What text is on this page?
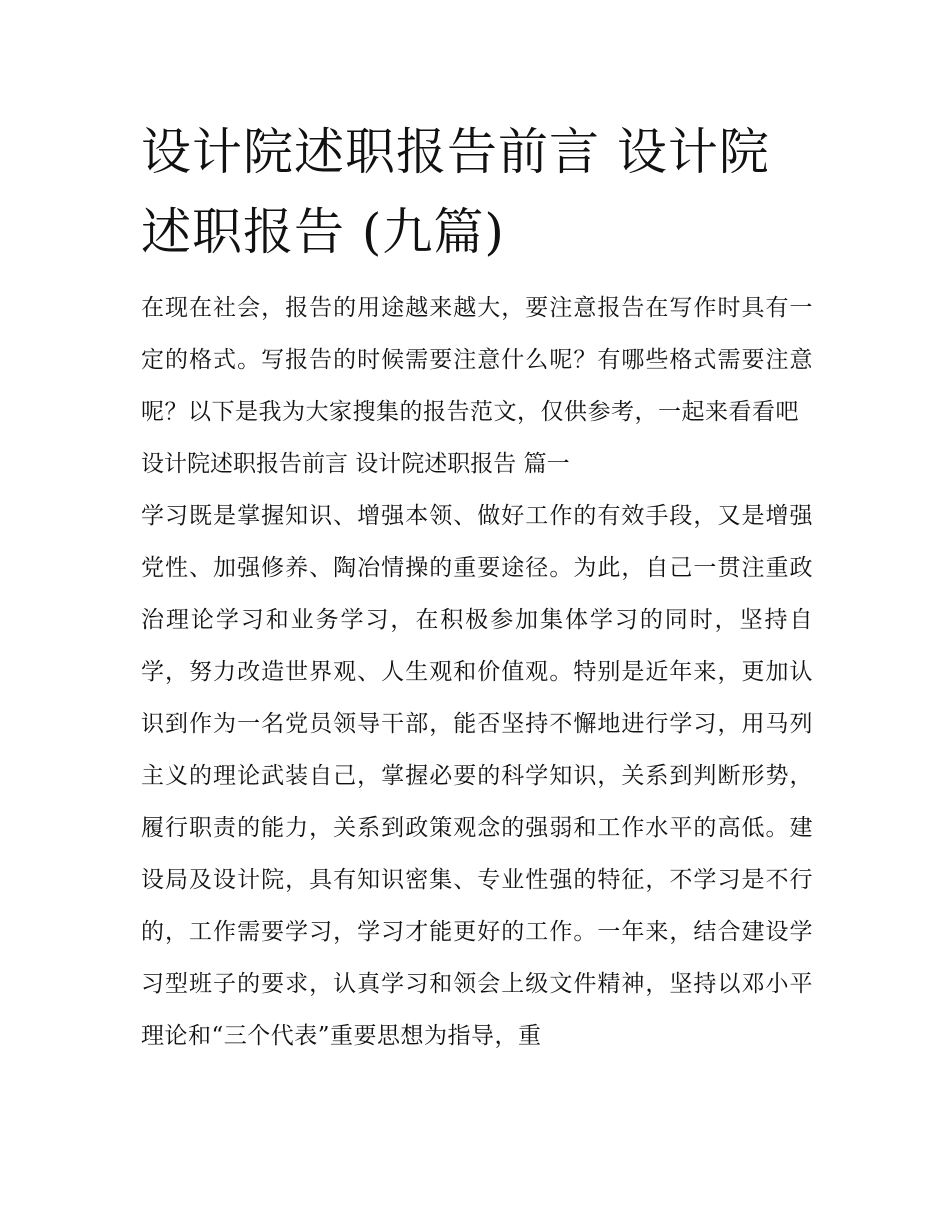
设计院述职报告前言 设计院述职报告 (九篇)

在现在社会，报告的用途越来越大，要注意报告在写作时具有一定的格式。写报告的时候需要注意什么呢？有哪些格式需要注意呢？以下是我为大家搜集的报告范文，仅供参考，一起来看看吧

设计院述职报告前言 设计院述职报告 篇一

学习既是掌握知识、增强本领、做好工作的有效手段，又是增强党性、加强修养、陶冶情操的重要途径。为此，自己一贯注重政治理论学习和业务学习，在积极参加集体学习的同时，坚持自学，努力改造世界观、人生观和价值观。特别是近年来，更加认识到作为一名党员领导干部，能否坚持不懈地进行学习，用马列主义的理论武装自己，掌握必要的科学知识，关系到判断形势，履行职责的能力，关系到政策观念的强弱和工作水平的高低。建设局及设计院，具有知识密集、专业性强的特征，不学习是不行的，工作需要学习，学习才能更好的工作。一年来，结合建设学习型班子的要求，认真学习和领会上级文件精神，坚持以邓小平理论和“三个代表”重要思想为指导，重
